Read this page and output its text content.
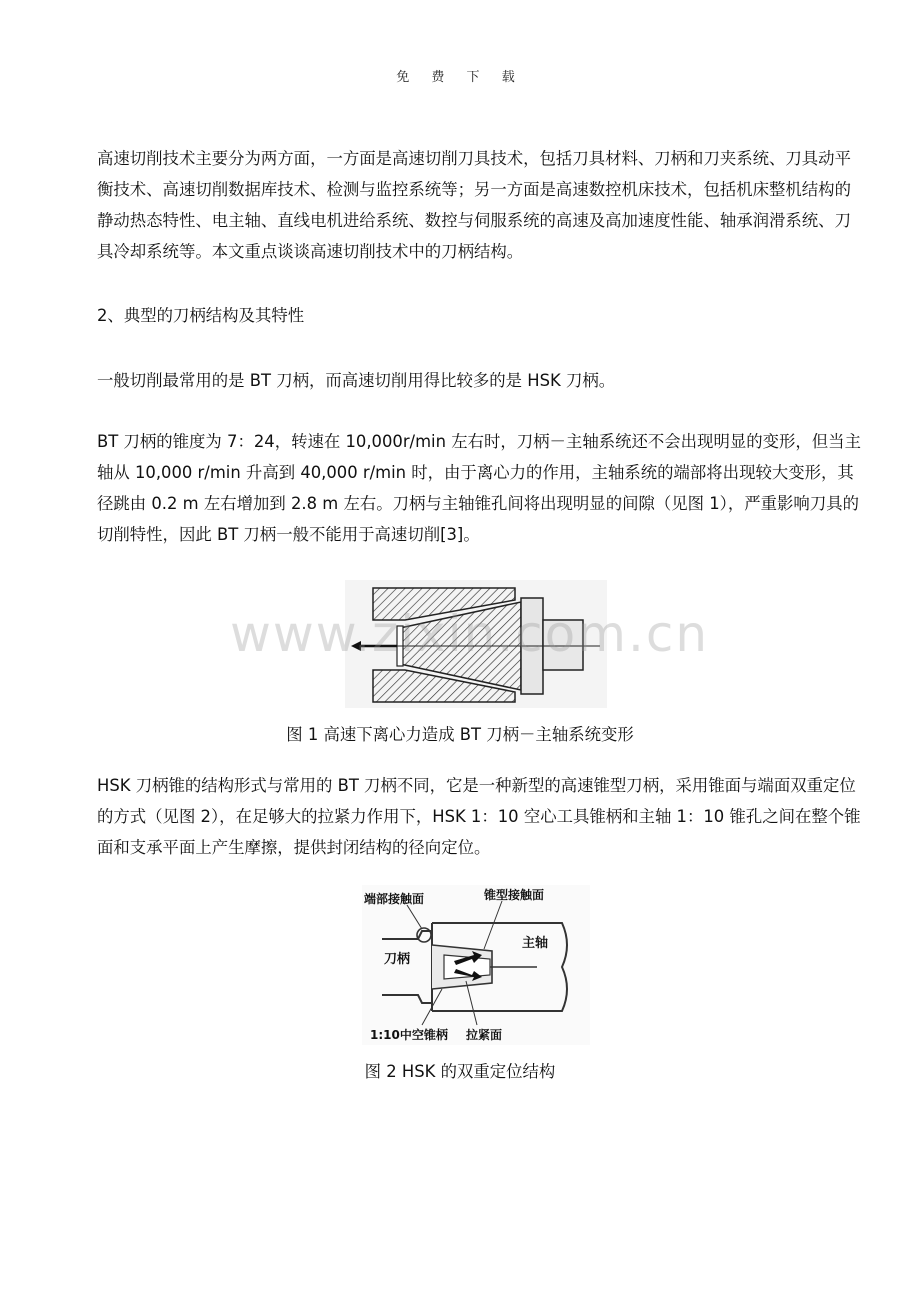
免 费 下 载

高速切削技术主要分为两方面，一方面是高速切削刀具技术，包括刀具材料、刀柄和刀夹系统、刀具动平衡技术、高速切削数据库技术、检测与监控系统等；另一方面是高速数控机床技术，包括机床整机结构的静动热态特性、电主轴、直线电机进给系统、数控与伺服系统的高速及高加速度性能、轴承润滑系统、刀具冷却系统等。本文重点谈谈高速切削技术中的刀柄结构。

2、典型的刀柄结构及其特性

一般切削最常用的是 BT 刀柄，而高速切削用得比较多的是 HSK 刀柄。

BT 刀柄的锥度为 7：24，转速在 10,000r/min 左右时，刀柄－主轴系统还不会出现明显的变形，但当主轴从 10,000 r/min 升高到 40,000 r/min 时，由于离心力的作用，主轴系统的端部将出现较大变形，其径跳由 0.2 m 左右增加到 2.8 m 左右。刀柄与主轴锥孔间将出现明显的间隙（见图 1），严重影响刀具的切削特性，因此 BT 刀柄一般不能用于高速切削[3]。

www.zixin.com.cn
图 1 高速下离心力造成 BT 刀柄－主轴系统变形

HSK 刀柄锥的结构形式与常用的 BT 刀柄不同，它是一种新型的高速锥型刀柄，采用锥面与端面双重定位的方式（见图 2），在足够大的拉紧力作用下，HSK 1：10 空心工具锥柄和主轴 1：10 锥孔之间在整个锥面和支承平面上产生摩擦，提供封闭结构的径向定位。

端部接触面	锥型接触面
主轴
刀柄
1:10中空锥柄 拉紧面
图 2 HSK 的双重定位结构
